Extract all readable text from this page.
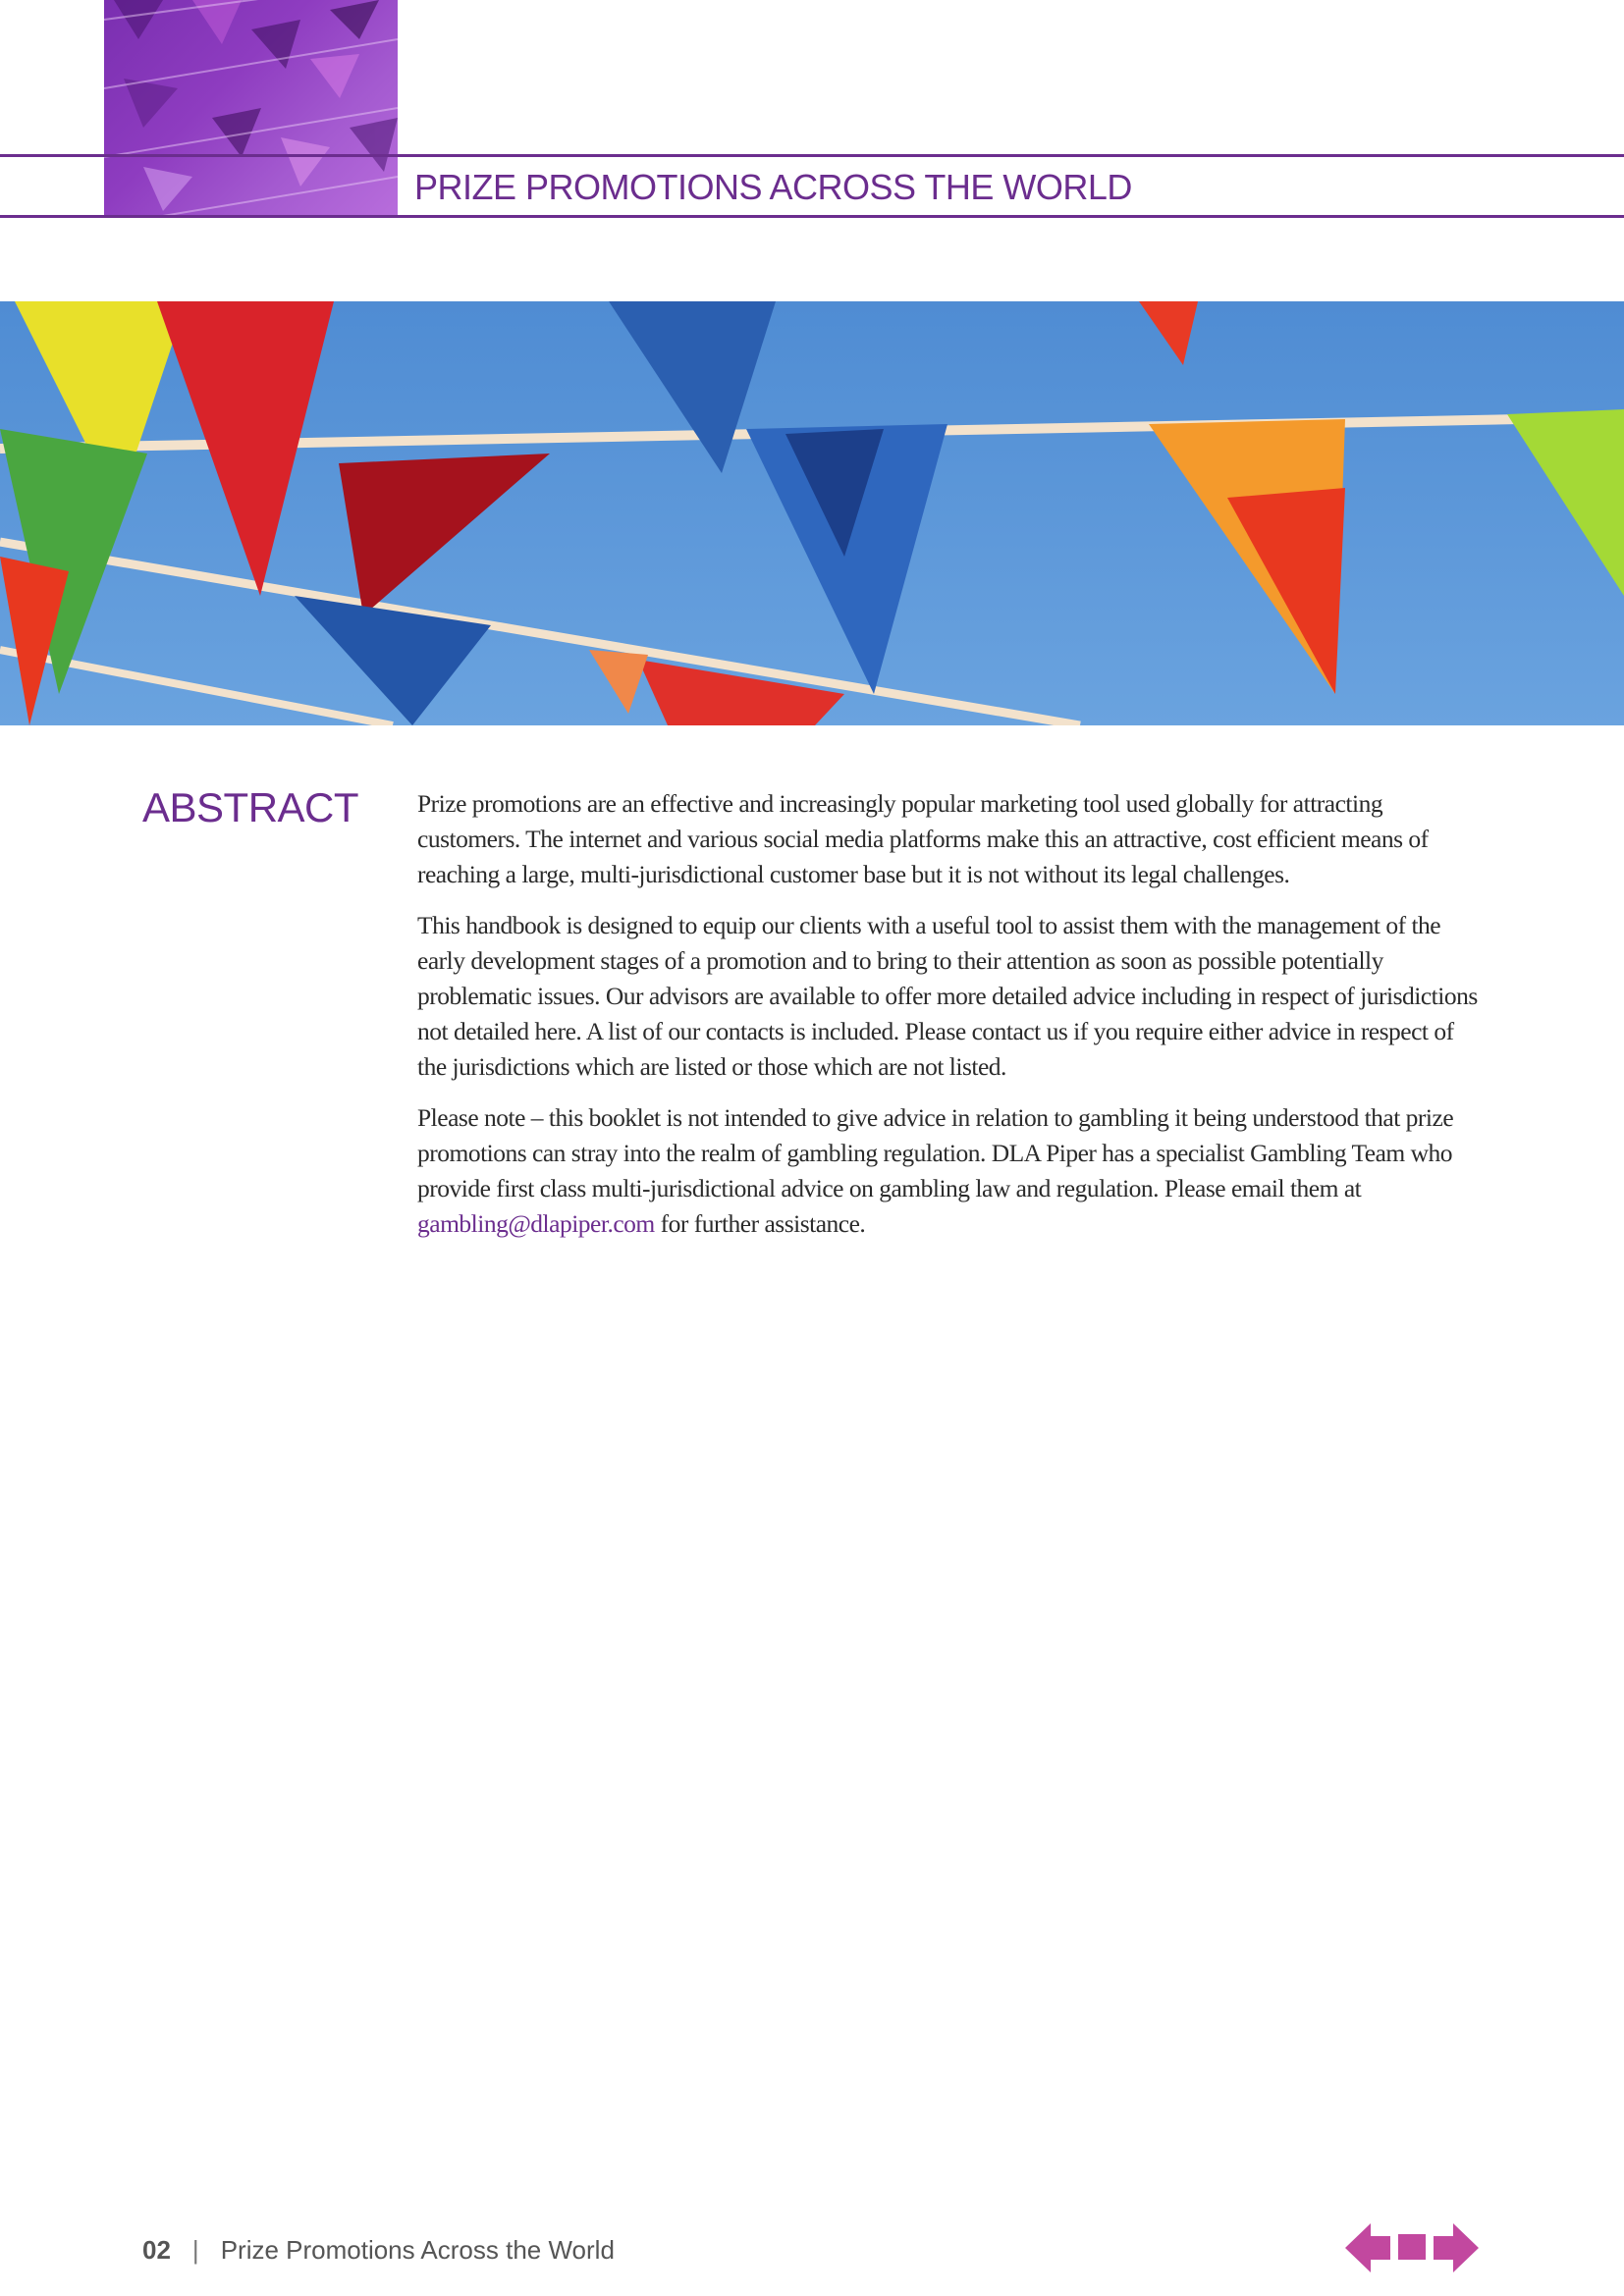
PRIZE PROMOTIONS ACROSS THE WORLD
ABSTRACT	Prize promotions are an effective and increasingly popular marketing tool used globally for attracting customers. The internet and various social media platforms make this an attractive, cost efficient means of reaching a large, multi-jurisdictional customer base but it is not without its legal challenges.

This handbook is designed to equip our clients with a useful tool to assist them with the management of the early development stages of a promotion and to bring to their attention as soon as possible potentially problematic issues. Our advisors are available to offer more detailed advice including in respect of jurisdictions not detailed here. A list of our contacts is included. Please contact us if you require either advice in respect of the jurisdictions which are listed or those which are not listed.

Please note – this booklet is not intended to give advice in relation to gambling it being understood that prize promotions can stray into the realm of gambling regulation. DLA Piper has a specialist Gambling Team who provide first class multi-jurisdictional advice on gambling law and regulation. Please email them at gambling@dlapiper.com for further assistance.

02 | Prize Promotions Across the World
